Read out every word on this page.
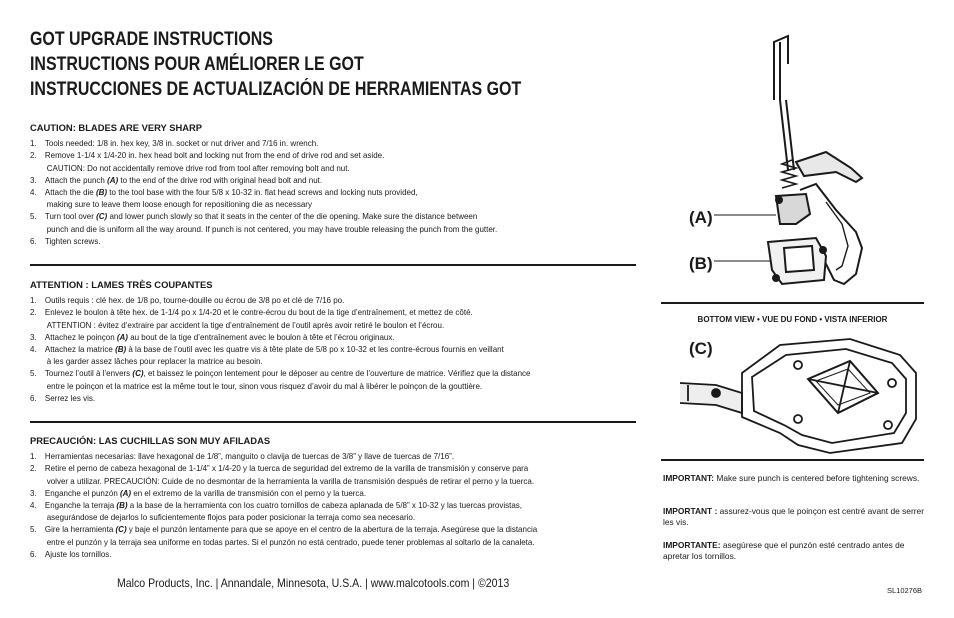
GOT UPGRADE INSTRUCTIONS
INSTRUCTIONS POUR AMÉLIORER LE GOT
INSTRUCCIONES DE ACTUALIZACIÓN DE HERRAMIENTAS GOT
CAUTION: BLADES ARE VERY SHARP
1. Tools needed: 1/8 in. hex key, 3/8 in. socket or nut driver and 7/16 in. wrench.
2. Remove 1-1/4 x 1/4-20 in. hex head bolt and locking nut from the end of drive rod and set aside.
CAUTION: Do not accidentally remove drive rod from tool after removing bolt and nut.
3. Attach the punch (A) to the end of the drive rod with original head bolt and nut.
4. Attach the die (B) to the tool base with the four 5/8 x 10-32 in. flat head screws and locking nuts provided,
making sure to leave them loose enough for repositioning die as necessary
5. Turn tool over (C) and lower punch slowly so that it seats in the center of the die opening. Make sure the distance between
punch and die is uniform all the way around. If punch is not centered, you may have trouble releasing the punch from the gutter.
6. Tighten screws.
ATTENTION : LAMES TRÈS COUPANTES
1. Outils requis : clé hex. de 1/8 po, tourne-douille ou écrou de 3/8 po et clé de 7/16 po.
2. Enlevez le boulon à tête hex. de 1-1/4 po x 1/4-20 et le contre-écrou du bout de la tige d’entraînement, et mettez de côté.
ATTENTION : évitez d’extraire par accident la tige d’entraînement de l’outil après avoir retiré le boulon et l’écrou.
3. Attachez le poinçon (A) au bout de la tige d’entraînement avec le boulon à tête et l’écrou originaux.
4. Attachez la matrice (B) à la base de l’outil avec les quatre vis à tête plate de 5/8 po x 10-32 et les contre-écrous fournis en veillant
à les garder assez lâches pour replacer la matrice au besoin.
5. Tournez l’outil à l’envers (C), et baissez le poinçon lentement pour le déposer au centre de l’ouverture de matrice. Vérifiez que la distance
entre le poinçon et la matrice est la même tout le tour, sinon vous risquez d’avoir du mal à libérer le poinçon de la gouttière.
6. Serrez les vis.
PRECAUCIÓN: LAS CUCHILLAS SON MUY AFILADAS
1. Herramientas necesarias: llave hexagonal de 1/8”, manguito o clavija de tuercas de 3/8” y llave de tuercas de 7/16”.
2. Retire el perno de cabeza hexagonal de 1-1/4” x 1/4-20 y la tuerca de seguridad del extremo de la varilla de transmisión y conserve para
volver a utilizar. PRECAUCIÓN: Cuide de no desmontar de la herramienta la varilla de transmisión después de retirar el perno y la tuerca.
3. Enganche el punzón (A) en el extremo de la varilla de transmisión con el perno y la tuerca.
4. Enganche la terraja (B) a la base de la herramienta con los cuatro tornillos de cabeza aplanada de 5/8” x 10-32 y las tuercas provistas,
asegurándose de dejarlos lo suficientemente flojos para poder posicionar la terraja como sea necesario.
5. Gire la herramienta (C) y baje el punzón lentamente para que se apoye en el centro de la abertura de la terraja. Asegúrese que la distancia
entre el punzón y la terraja sea uniforme en todas partes. Si el punzón no está centrado, puede tener problemas al soltarlo de la canaleta.
6. Ajuste los tornillos.
Malco Products, Inc. | Annandale, Minnesota, U.S.A. | www.malcotools.com | ©2013
SL10276B
(A)
(B)
BOTTOM VIEW • VUE DU FOND • VISTA INFERIOR
(C)
IMPORTANT: Make sure punch is centered before tightening screws.
IMPORTANT : assurez-vous que le poinçon est centré avant de serrer les vis.
IMPORTANTE: asegúrese que el punzón esté centrado antes de apretar los tornillos.
